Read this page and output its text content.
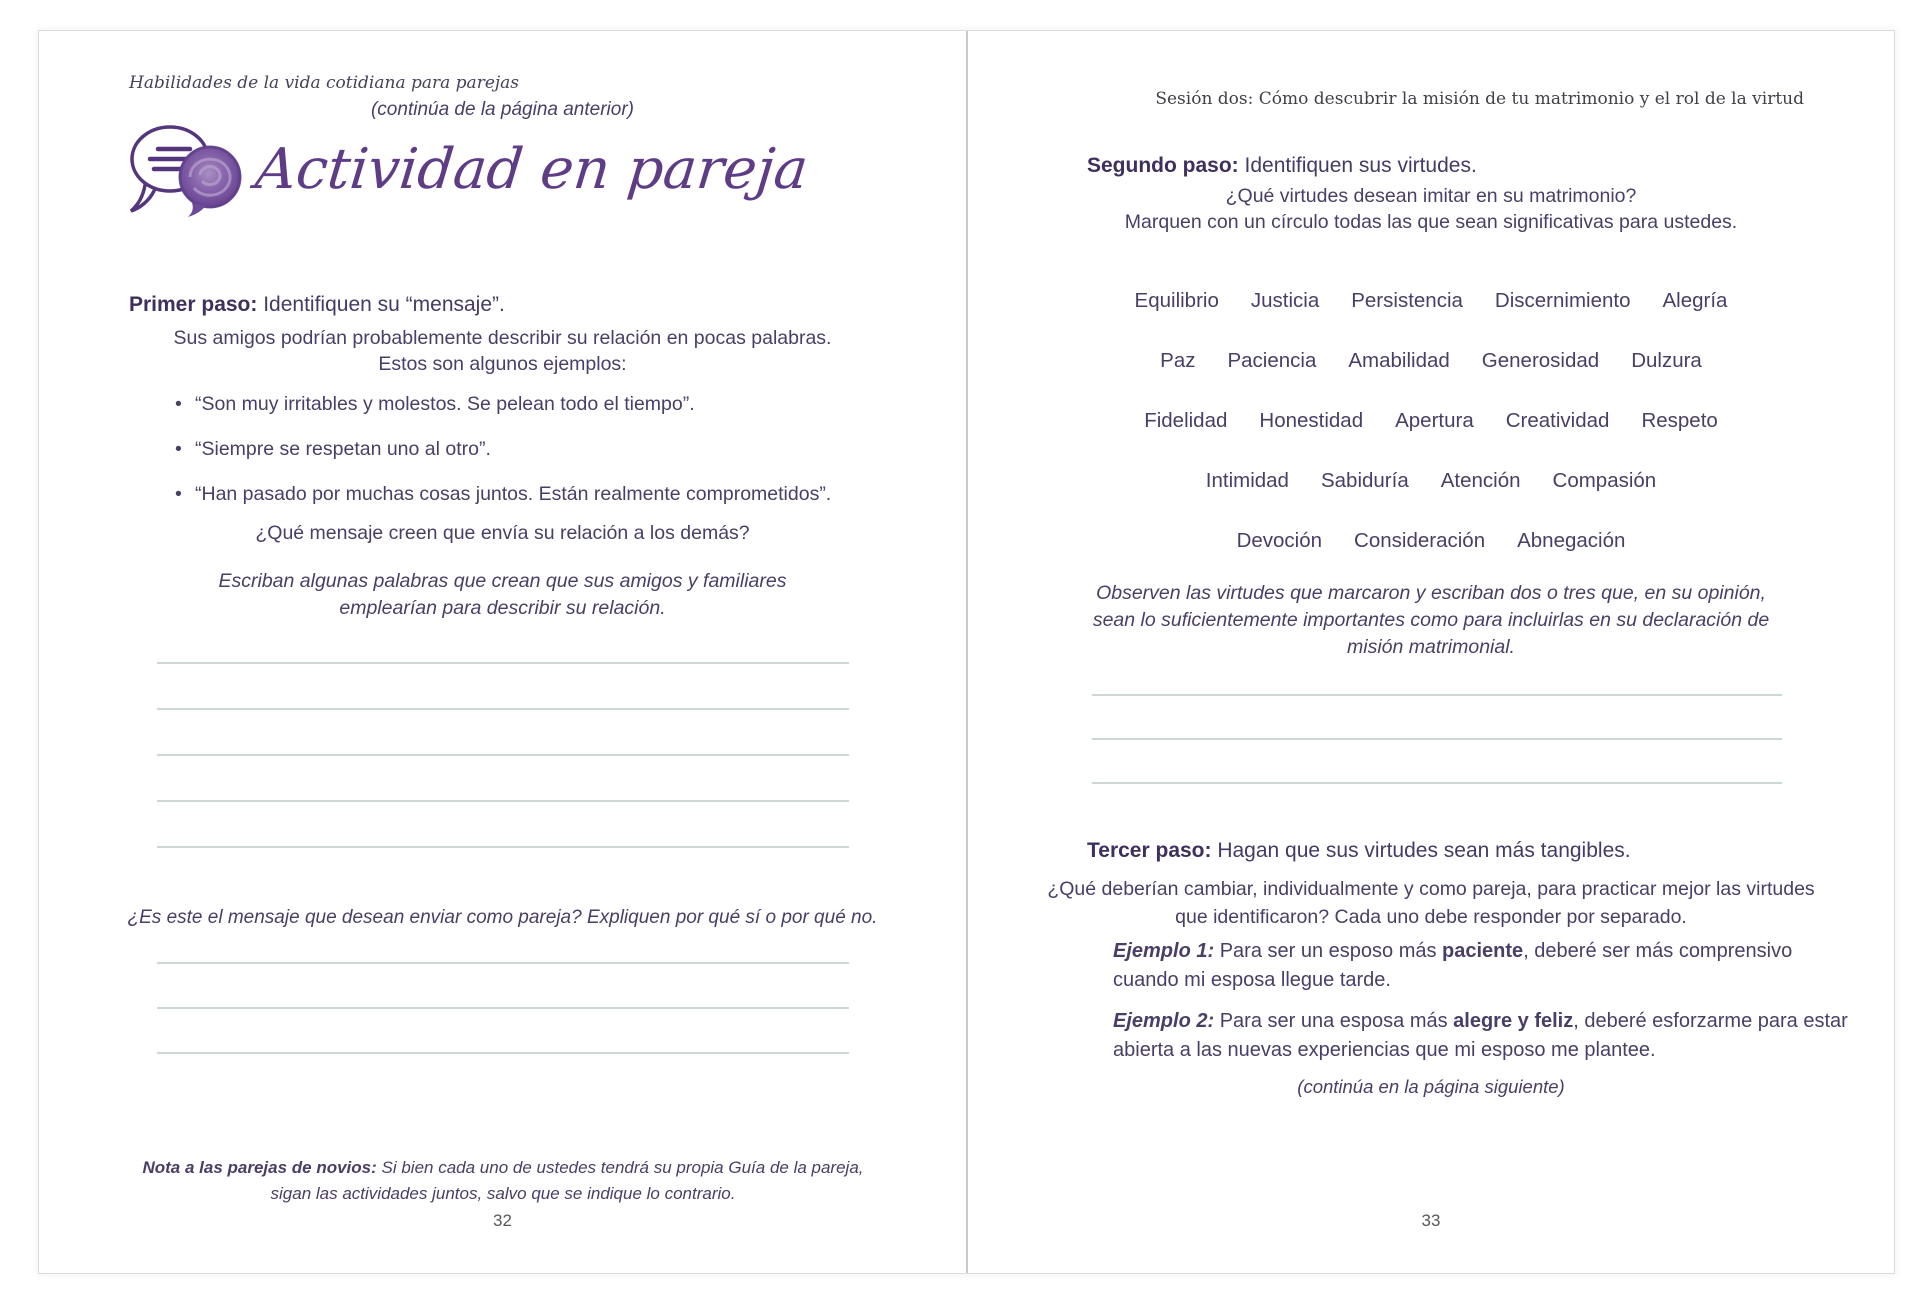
Habilidades de la vida cotidiana para parejas
(continúa de la página anterior)
Actividad en pareja
Primer paso: Identifiquen su “mensaje”.
Sus amigos podrían probablemente describir su relación en pocas palabras.
Estos son algunos ejemplos:
• “Son muy irritables y molestos. Se pelean todo el tiempo”.
• “Siempre se respetan uno al otro”.
• “Han pasado por muchas cosas juntos. Están realmente comprometidos”.
¿Qué mensaje creen que envía su relación a los demás?
Escriban algunas palabras que crean que sus amigos y familiares
emplearían para describir su relación.
¿Es este el mensaje que desean enviar como pareja? Expliquen por qué sí o por qué no.
Nota a las parejas de novios: Si bien cada uno de ustedes tendrá su propia Guía de la pareja, sigan las actividades juntos, salvo que se indique lo contrario.
32
Sesión dos: Cómo descubrir la misión de tu matrimonio y el rol de la virtud
Segundo paso: Identifiquen sus virtudes.
¿Qué virtudes desean imitar en su matrimonio?
Marquen con un círculo todas las que sean significativas para ustedes.
Equilibrio Justicia Persistencia Discernimiento Alegría
Paz Paciencia Amabilidad Generosidad Dulzura
Fidelidad Honestidad Apertura Creatividad Respeto
Intimidad Sabiduría Atención Compasión
Devoción Consideración Abnegación
Observen las virtudes que marcaron y escriban dos o tres que, en su opinión,
sean lo suficientemente importantes como para incluirlas en su declaración de
misión matrimonial.
Tercer paso: Hagan que sus virtudes sean más tangibles.
¿Qué deberían cambiar, individualmente y como pareja, para practicar mejor las virtudes
que identificaron? Cada uno debe responder por separado.
Ejemplo 1: Para ser un esposo más paciente, deberé ser más comprensivo cuando mi esposa llegue tarde.
Ejemplo 2: Para ser una esposa más alegre y feliz, deberé esforzarme para estar abierta a las nuevas experiencias que mi esposo me plantee.
(continúa en la página siguiente)
33
